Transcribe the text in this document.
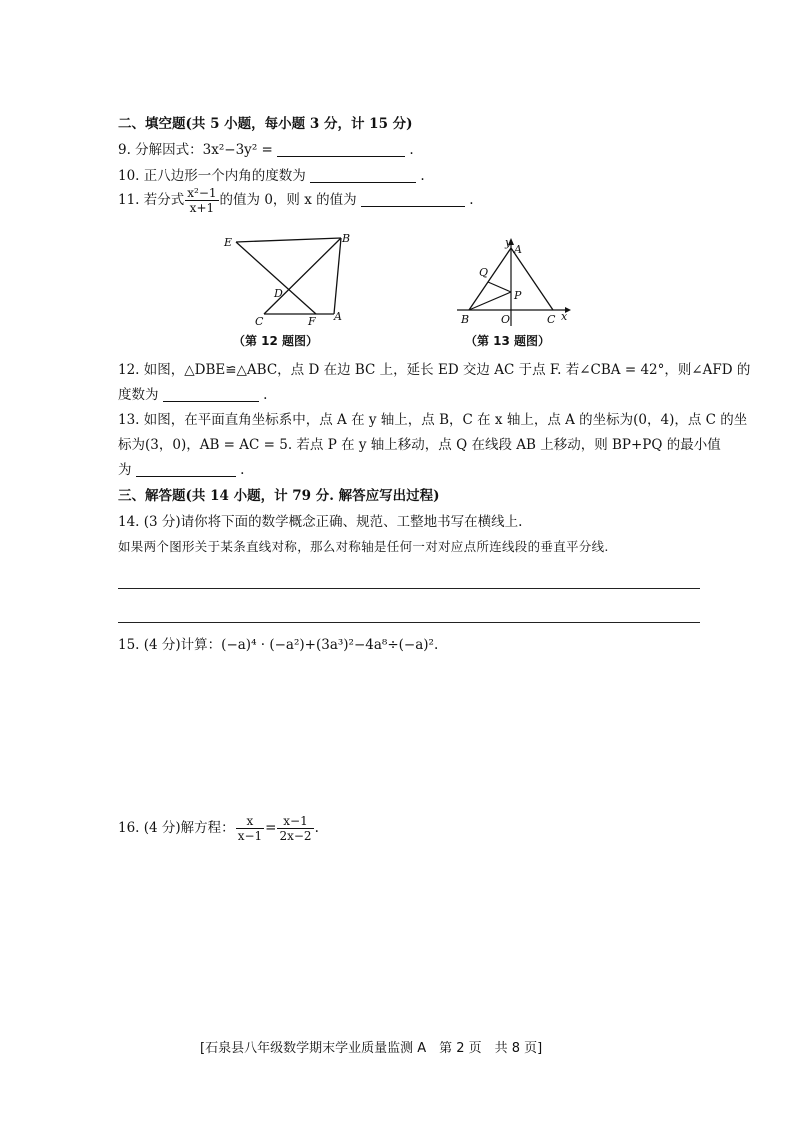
二、填空题(共 5 小题，每小题 3 分，计 15 分)
9. 分解因式：3x²−3y² =	.
10. 正八边形一个内角的度数为	.
11. 若分式 $\frac{\text{x²−1}}{x+1}$ 的值为 0，则 x 的值为	.
E	B
D
C	F A
（第 12 题图）
y
A
Q
P
B	O	C x
（第 13 题图）
12. 如图，△DBE≌△ABC，点 D 在边 BC 上，延长 ED 交边 AC 于点 F. 若∠CBA = 42°，则∠AFD 的
度数为	.
13. 如图，在平面直角坐标系中，点 A 在 y 轴上，点 B，C 在 x 轴上，点 A 的坐标为(0，4)，点 C 的坐
标为(3，0)，AB = AC = 5. 若点 P 在 y 轴上移动，点 Q 在线段 AB 上移动，则 BP+PQ 的最小值
为	.
三、解答题(共 14 小题，计 79 分. 解答应写出过程)
14. (3 分)请你将下面的数学概念正确、规范、工整地书写在横线上.
如果两个图形关于某条直线对称，那么对称轴是任何一对对应点所连线段的垂直平分线.
15. (4 分)计算：(−a)⁴ · (−a²)+(3a³)²−4a⁸÷(−a)².
16. (4 分)解方程： $\frac{x}{x-1} = \frac{x-1}{2x-2}$ .
[石泉县八年级数学期末学业质量监测 A　第 2 页　共 8 页]
